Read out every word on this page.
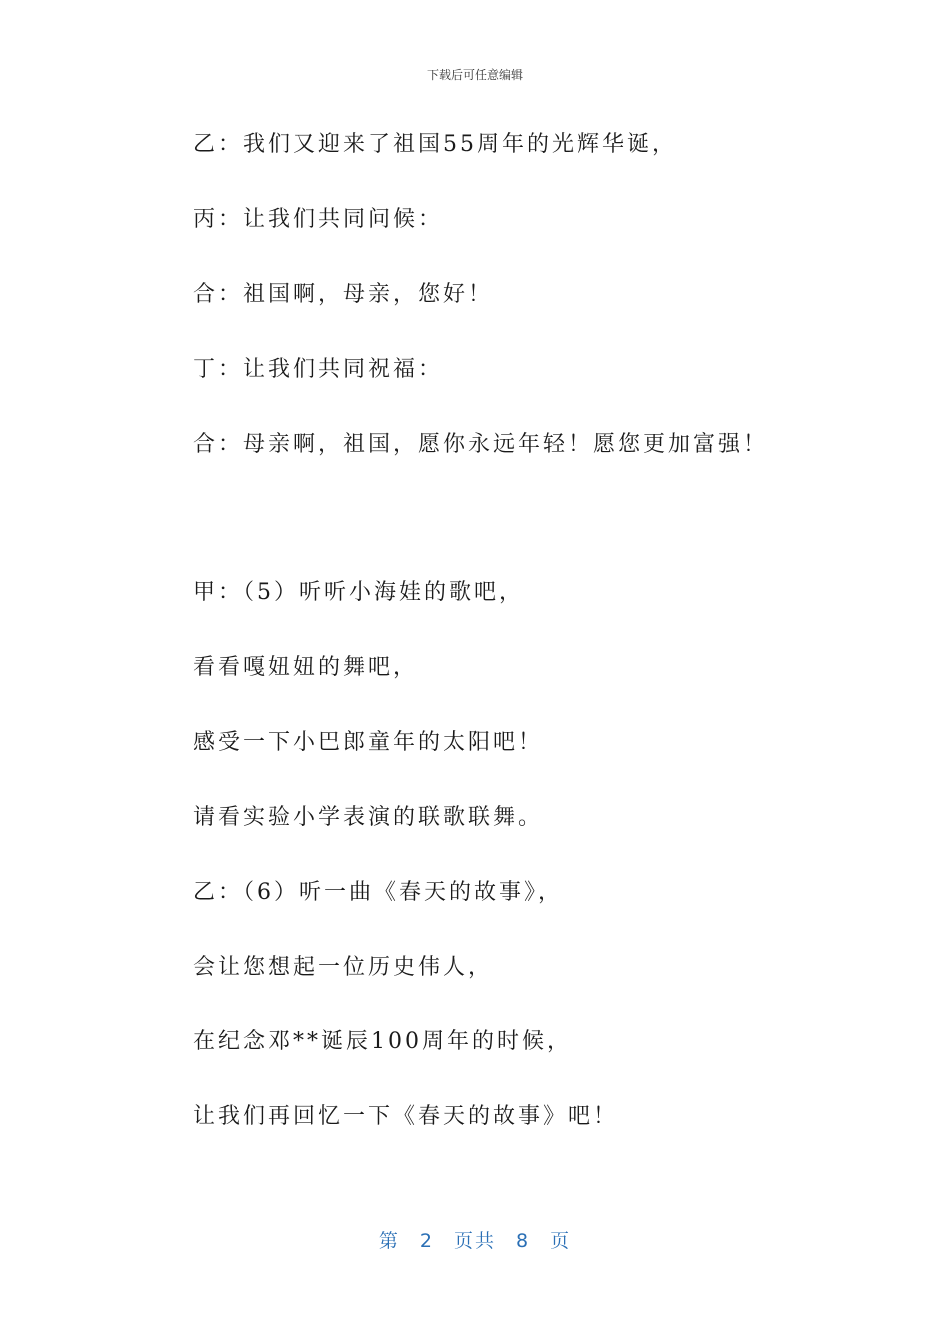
下载后可任意编辑
乙：我们又迎来了祖国55周年的光辉华诞，
丙：让我们共同问候：
合：祖国啊，母亲，您好！
丁：让我们共同祝福：
合：母亲啊，祖国，愿你永远年轻！愿您更加富强！
甲：（5）听听小海娃的歌吧，
看看嘎妞妞的舞吧，
感受一下小巴郎童年的太阳吧！
请看实验小学表演的联歌联舞。
乙：（6）听一曲《春天的故事》，
会让您想起一位历史伟人，
在纪念邓**诞辰100周年的时候，
让我们再回忆一下《春天的故事》吧！
第 2 页共 8 页
